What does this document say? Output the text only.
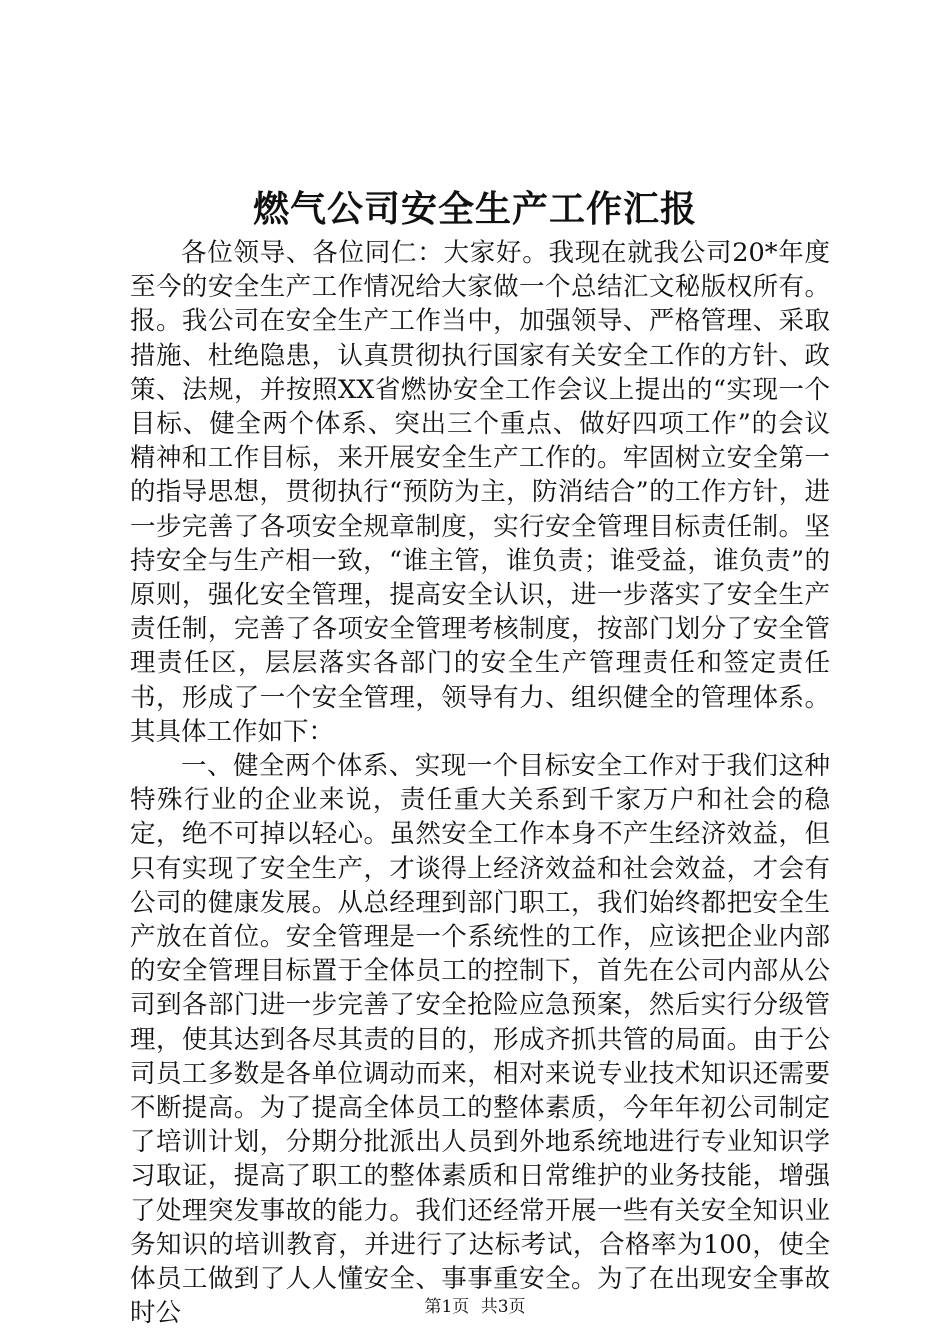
燃气公司安全生产工作汇报

各位领导、各位同仁：大家好。我现在就我公司20*年度至今的安全生产工作情况给大家做一个总结汇文秘版权所有。报。我公司在安全生产工作当中，加强领导、严格管理、采取措施、杜绝隐患，认真贯彻执行国家有关安全工作的方针、政策、法规，并按照XX省燃协安全工作会议上提出的“实现一个目标、健全两个体系、突出三个重点、做好四项工作”的会议精神和工作目标，来开展安全生产工作的。牢固树立安全第一的指导思想，贯彻执行“预防为主，防消结合”的工作方针，进一步完善了各项安全规章制度，实行安全管理目标责任制。坚持安全与生产相一致，“谁主管，谁负责；谁受益，谁负责”的原则，强化安全管理，提高安全认识，进一步落实了安全生产责任制，完善了各项安全管理考核制度，按部门划分了安全管理责任区，层层落实各部门的安全生产管理责任和签定责任书，形成了一个安全管理，领导有力、组织健全的管理体系。其具体工作如下：

一、健全两个体系、实现一个目标安全工作对于我们这种特殊行业的企业来说，责任重大关系到千家万户和社会的稳定，绝不可掉以轻心。虽然安全工作本身不产生经济效益，但只有实现了安全生产，才谈得上经济效益和社会效益，才会有公司的健康发展。从总经理到部门职工，我们始终都把安全生产放在首位。安全管理是一个系统性的工作，应该把企业内部的安全管理目标置于全体员工的控制下，首先在公司内部从公司到各部门进一步完善了安全抢险应急预案，然后实行分级管理，使其达到各尽其责的目的，形成齐抓共管的局面。由于公司员工多数是各单位调动而来，相对来说专业技术知识还需要不断提高。为了提高全体员工的整体素质，今年年初公司制定了培训计划，分期分批派出人员到外地系统地进行专业知识学习取证，提高了职工的整体素质和日常维护的业务技能，增强了处理突发事故的能力。我们还经常开展一些有关安全知识业务知识的培训教育，并进行了达标考试，合格率为100，使全体员工做到了人人懂安全、事事重安全。为了在出现安全事故时公	第1页 共3页
